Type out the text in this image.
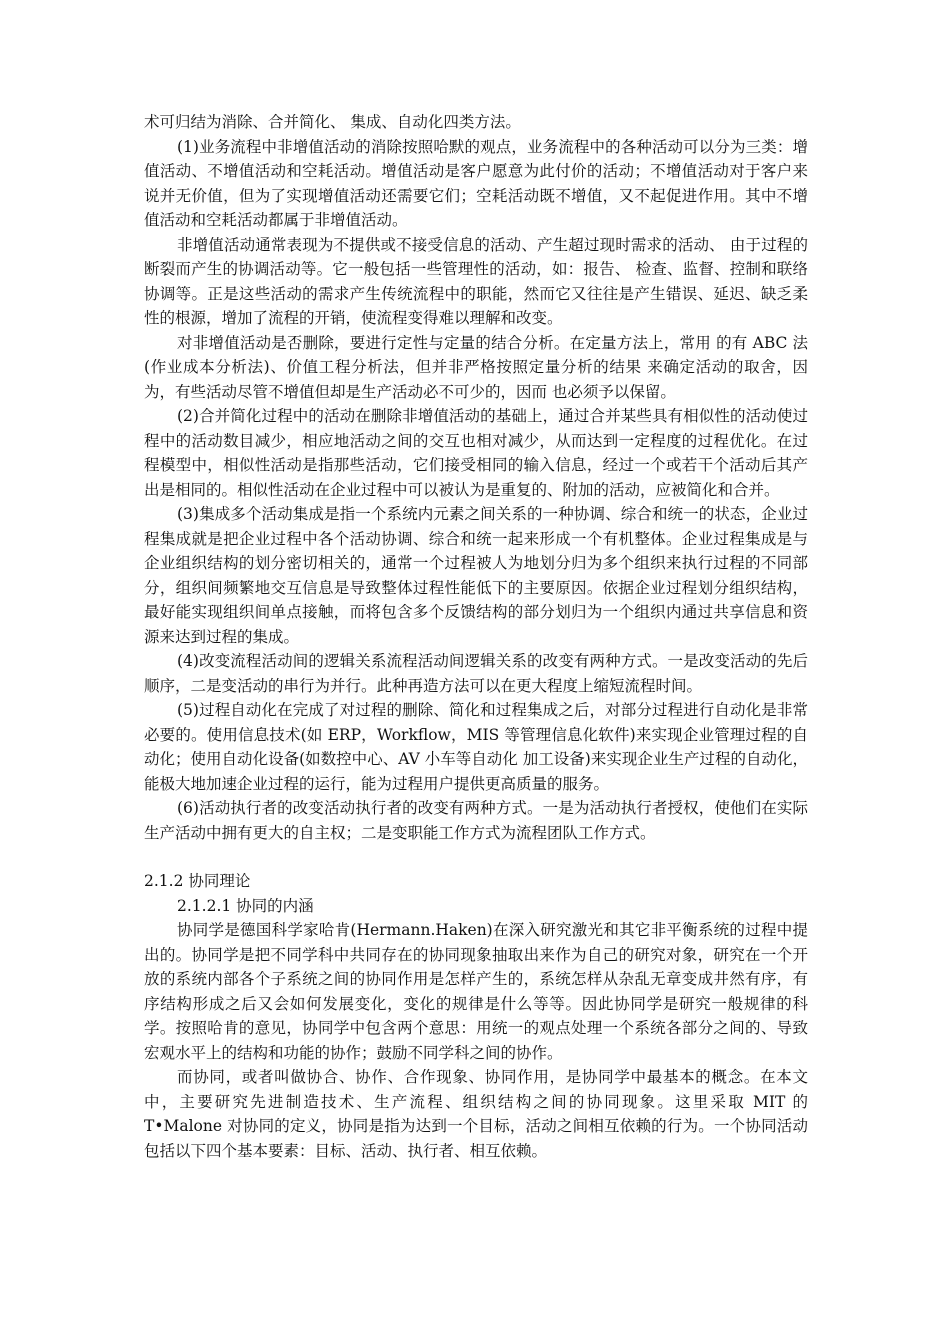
术可归结为消除、合并简化、 集成、自动化四类方法。

(1)业务流程中非增值活动的消除按照哈默的观点，业务流程中的各种活动可以分为三类：增值活动、不增值活动和空耗活动。增值活动是客户愿意为此付价的活动；不增值活动对于客户来说并无价值，但为了实现增值活动还需要它们；空耗活动既不增值，又不起促进作用。其中不增值活动和空耗活动都属于非增值活动。

非增值活动通常表现为不提供或不接受信息的活动、产生超过现时需求的活动、 由于过程的断裂而产生的协调活动等。它一般包括一些管理性的活动，如：报告、 检查、监督、控制和联络协调等。正是这些活动的需求产生传统流程中的职能，然而它又往往是产生错误、延迟、缺乏柔性的根源，增加了流程的开销，使流程变得难以理解和改变。

对非增值活动是否删除，要进行定性与定量的结合分析。在定量方法上，常用 的有 ABC 法(作业成本分析法)、价值工程分析法，但并非严格按照定量分析的结果 来确定活动的取舍，因为，有些活动尽管不增值但却是生产活动必不可少的，因而 也必须予以保留。

(2)合并简化过程中的活动在删除非增值活动的基础上，通过合并某些具有相似性的活动使过程中的活动数目减少，相应地活动之间的交互也相对减少，从而达到一定程度的过程优化。在过程模型中，相似性活动是指那些活动，它们接受相同的输入信息，经过一个或若干个活动后其产出是相同的。相似性活动在企业过程中可以被认为是重复的、附加的活动，应被简化和合并。

(3)集成多个活动集成是指一个系统内元素之间关系的一种协调、综合和统一的状态，企业过程集成就是把企业过程中各个活动协调、综合和统一起来形成一个有机整体。企业过程集成是与企业组织结构的划分密切相关的，通常一个过程被人为地划分归为多个组织来执行过程的不同部分，组织间频繁地交互信息是导致整体过程性能低下的主要原因。依据企业过程划分组织结构，最好能实现组织间单点接触，而将包含多个反馈结构的部分划归为一个组织内通过共享信息和资源来达到过程的集成。

(4)改变流程活动间的逻辑关系流程活动间逻辑关系的改变有两种方式。一是改变活动的先后顺序，二是变活动的串行为并行。此种再造方法可以在更大程度上缩短流程时间。

(5)过程自动化在完成了对过程的删除、简化和过程集成之后，对部分过程进行自动化是非常必要的。使用信息技术(如 ERP，Workflow，MIS 等管理信息化软件)来实现企业管理过程的自动化；使用自动化设备(如数控中心、AV 小车等自动化 加工设备)来实现企业生产过程的自动化，能极大地加速企业过程的运行，能为过程用户提供更高质量的服务。

(6)活动执行者的改变活动执行者的改变有两种方式。一是为活动执行者授权，使他们在实际生产活动中拥有更大的自主权；二是变职能工作方式为流程团队工作方式。

2.1.2 协同理论

2.1.2.1 协同的内涵

协同学是德国科学家哈肯(Hermann.Haken)在深入研究激光和其它非平衡系统的过程中提出的。协同学是把不同学科中共同存在的协同现象抽取出来作为自己的研究对象，研究在一个开放的系统内部各个子系统之间的协同作用是怎样产生的，系统怎样从杂乱无章变成井然有序，有序结构形成之后又会如何发展变化，变化的规律是什么等等。因此协同学是研究一般规律的科学。按照哈肯的意见，协同学中包含两个意思：用统一的观点处理一个系统各部分之间的、导致宏观水平上的结构和功能的协作；鼓励不同学科之间的协作。

而协同，或者叫做协合、协作、合作现象、协同作用，是协同学中最基本的概念。在本文中，主要研究先进制造技术、生产流程、组织结构之间的协同现象。这里采取 MIT 的 T•Malone 对协同的定义，协同是指为达到一个目标，活动之间相互依赖的行为。一个协同活动包括以下四个基本要素：目标、活动、执行者、相互依赖。
